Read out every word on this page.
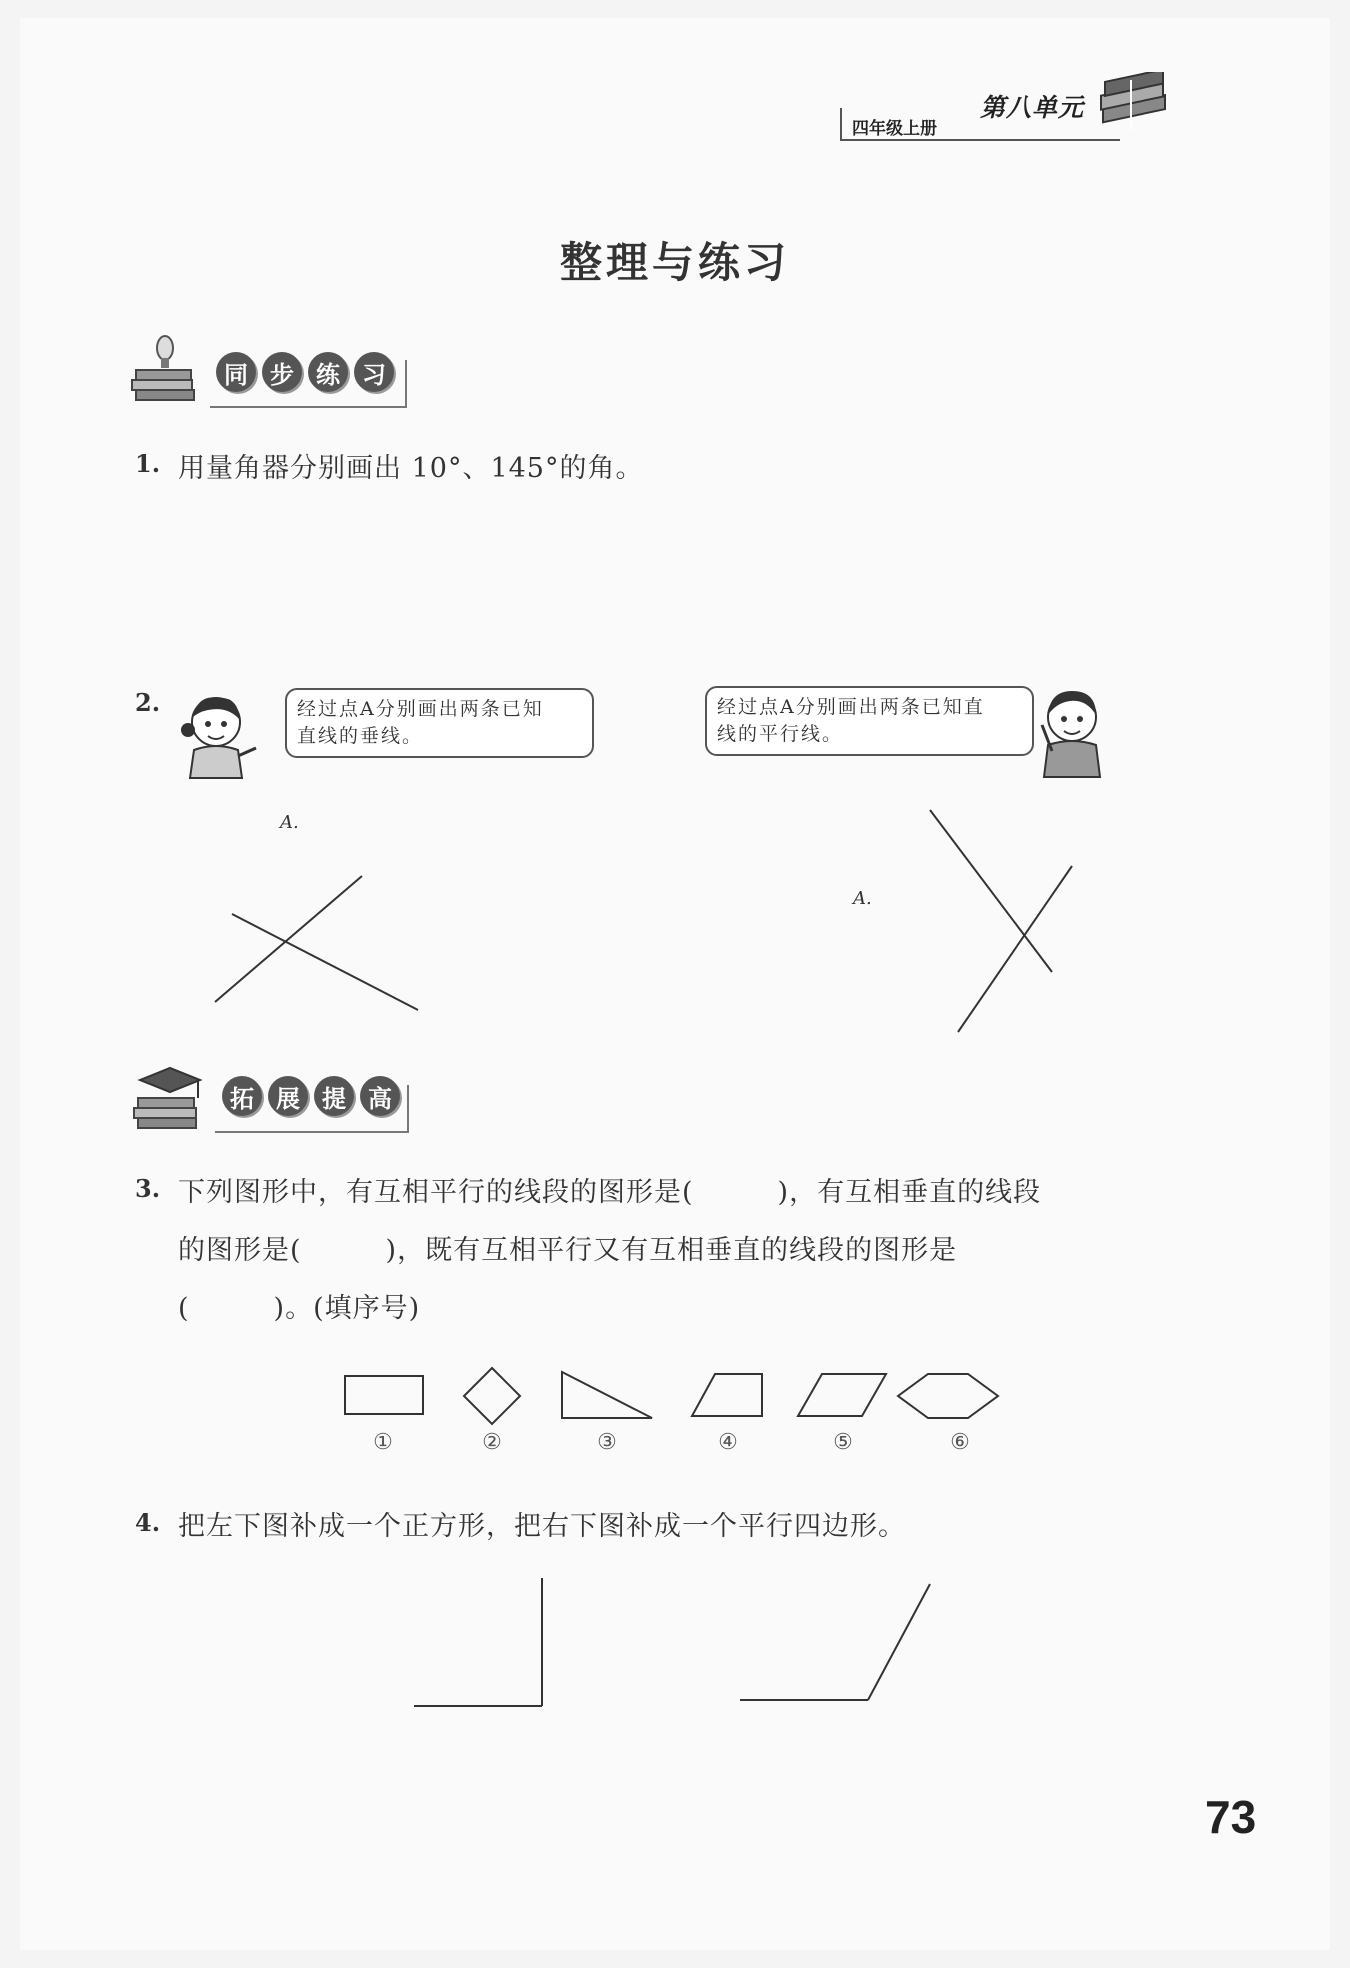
四年级上册
第八单元
整理与练习
同 步 练 习
1. 用量角器分别画出 10°、145°的角。
2.	经过点A分别画出两条已知
直线的垂线。
经过点A分别画出两条已知直
线的平行线。
A.
A.
拓 展 提 高
3. 下列图形中，有互相平行的线段的图形是(　　　)，有互相垂直的线段
的图形是(　　　)，既有互相平行又有互相垂直的线段的图形是
(　　　)。(填序号)
①	②	③	④	⑤	⑥
4. 把左下图补成一个正方形，把右下图补成一个平行四边形。
73
